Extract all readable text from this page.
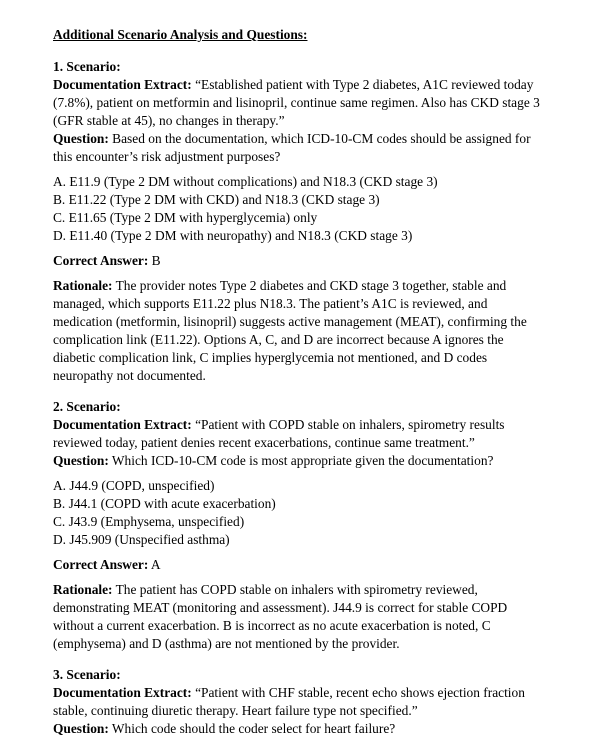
Additional Scenario Analysis and Questions:
1. Scenario:
Documentation Extract: “Established patient with Type 2 diabetes, A1C reviewed today (7.8%), patient on metformin and lisinopril, continue same regimen. Also has CKD stage 3 (GFR stable at 45), no changes in therapy.”
Question: Based on the documentation, which ICD-10-CM codes should be assigned for this encounter’s risk adjustment purposes?
A. E11.9 (Type 2 DM without complications) and N18.3 (CKD stage 3)
B. E11.22 (Type 2 DM with CKD) and N18.3 (CKD stage 3)
C. E11.65 (Type 2 DM with hyperglycemia) only
D. E11.40 (Type 2 DM with neuropathy) and N18.3 (CKD stage 3)
Correct Answer: B
Rationale: The provider notes Type 2 diabetes and CKD stage 3 together, stable and managed, which supports E11.22 plus N18.3. The patient’s A1C is reviewed, and medication (metformin, lisinopril) suggests active management (MEAT), confirming the complication link (E11.22). Options A, C, and D are incorrect because A ignores the diabetic complication link, C implies hyperglycemia not mentioned, and D codes neuropathy not documented.
2. Scenario:
Documentation Extract: “Patient with COPD stable on inhalers, spirometry results reviewed today, patient denies recent exacerbations, continue same treatment.”
Question: Which ICD-10-CM code is most appropriate given the documentation?
A. J44.9 (COPD, unspecified)
B. J44.1 (COPD with acute exacerbation)
C. J43.9 (Emphysema, unspecified)
D. J45.909 (Unspecified asthma)
Correct Answer: A
Rationale: The patient has COPD stable on inhalers with spirometry reviewed, demonstrating MEAT (monitoring and assessment). J44.9 is correct for stable COPD without a current exacerbation. B is incorrect as no acute exacerbation is noted, C (emphysema) and D (asthma) are not mentioned by the provider.
3. Scenario:
Documentation Extract: “Patient with CHF stable, recent echo shows ejection fraction stable, continuing diuretic therapy. Heart failure type not specified.”
Question: Which code should the coder select for heart failure?
